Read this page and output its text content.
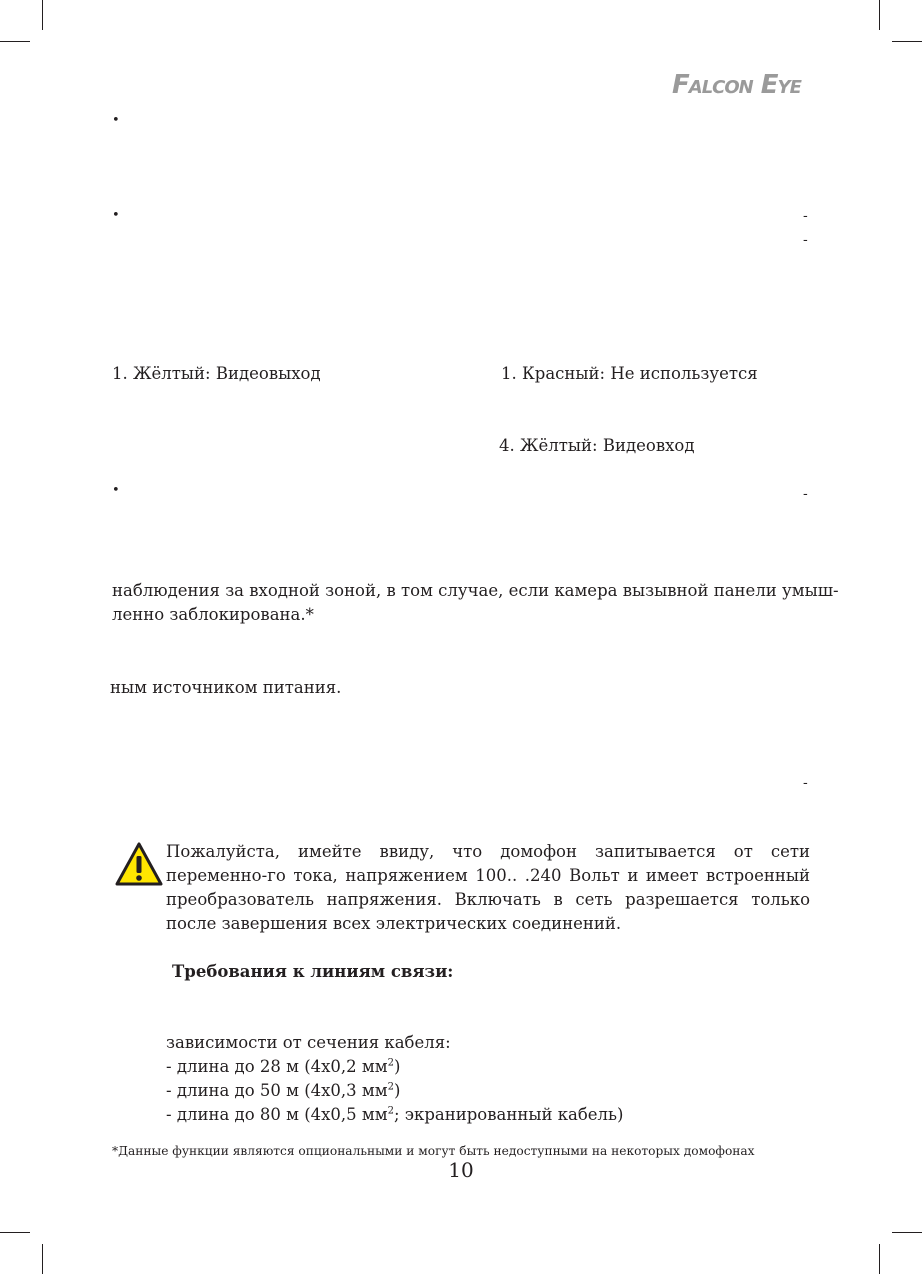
Falcon Eye
•
•
•
-
-
-
-
1. Жёлтый: Видеовыход	1. Красный: Не используется
4. Жёлтый: Видеовход
наблюдения за входной зоной, в том случае, если камера вызывной панели умыш-
ленно заблокирована.*
ным источником питания.
Пожалуйста, имейте ввиду, что домофон запитывается от сети переменно-го тока, напряжением 100.. .240 Вольт и имеет встроенный преобразователь напряжения. Включать в сеть разрешается только после завершения всех электрических соединений.
Требования к линиям связи:
зависимости от сечения кабеля:
- длина до 28 м (4х0,2 $мм^2$)
- длина до 50 м (4х0,3 $мм^2$)
- длина до 80 м (4х0,5 $мм^2$; экранированный кабель)
*Данные функции являются опциональными и могут быть недоступными на некоторых домофонах
10
